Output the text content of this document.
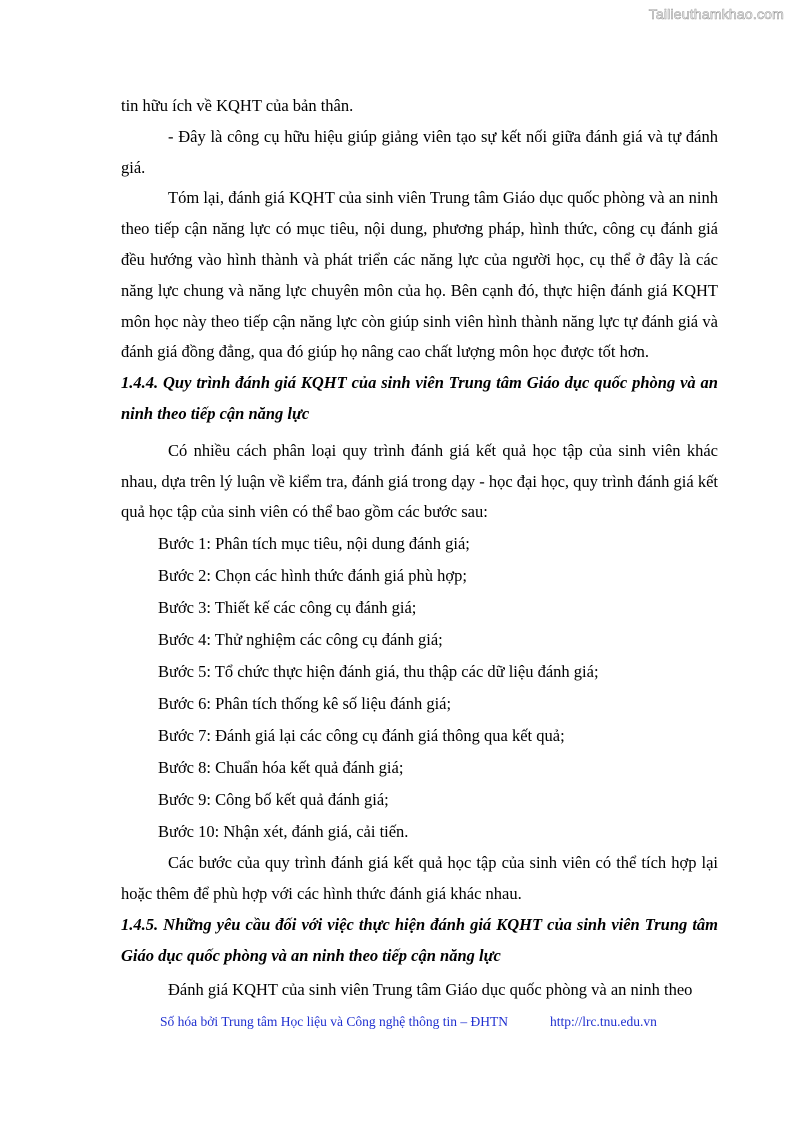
Tailieuthamkhao.com

tin hữu ích về KQHT của bản thân.

- Đây là công cụ hữu hiệu giúp giảng viên tạo sự kết nối giữa đánh giá và tự đánh giá.

Tóm lại, đánh giá KQHT của sinh viên Trung tâm Giáo dục quốc phòng và an ninh theo tiếp cận năng lực có mục tiêu, nội dung, phương pháp, hình thức, công cụ đánh giá đều hướng vào hình thành và phát triển các năng lực của người học, cụ thể ở đây là các năng lực chung và năng lực chuyên môn của họ. Bên cạnh đó, thực hiện đánh giá KQHT môn học này theo tiếp cận năng lực còn giúp sinh viên hình thành năng lực tự đánh giá và đánh giá đồng đẳng, qua đó giúp họ nâng cao chất lượng môn học được tốt hơn.

1.4.4. Quy trình đánh giá KQHT của sinh viên Trung tâm Giáo dục quốc phòng và an ninh theo tiếp cận năng lực

Có nhiều cách phân loại quy trình đánh giá kết quả học tập của sinh viên khác nhau, dựa trên lý luận về kiểm tra, đánh giá trong dạy - học đại học, quy trình đánh giá kết quả học tập của sinh viên có thể bao gồm các bước sau:

Bước 1: Phân tích mục tiêu, nội dung đánh giá;

Bước 2: Chọn các hình thức đánh giá phù hợp;

Bước 3: Thiết kế các công cụ đánh giá;

Bước 4: Thử nghiệm các công cụ đánh giá;

Bước 5: Tổ chức thực hiện đánh giá, thu thập các dữ liệu đánh giá;

Bước 6: Phân tích thống kê số liệu đánh giá;

Bước 7: Đánh giá lại các công cụ đánh giá thông qua kết quả;

Bước 8: Chuẩn hóa kết quả đánh giá;

Bước 9: Công bố kết quả đánh giá;

Bước 10: Nhận xét, đánh giá, cải tiến.

Các bước của quy trình đánh giá kết quả học tập của sinh viên có thể tích hợp lại hoặc thêm để phù hợp với các hình thức đánh giá khác nhau.

1.4.5. Những yêu cầu đối với việc thực hiện đánh giá KQHT của sinh viên Trung tâm Giáo dục quốc phòng và an ninh theo tiếp cận năng lực

Đánh giá KQHT của sinh viên Trung tâm Giáo dục quốc phòng và an ninh theo

Số hóa bởi Trung tâm Học liệu và Công nghệ thông tin – ĐHTN	http://lrc.tnu.edu.vn
